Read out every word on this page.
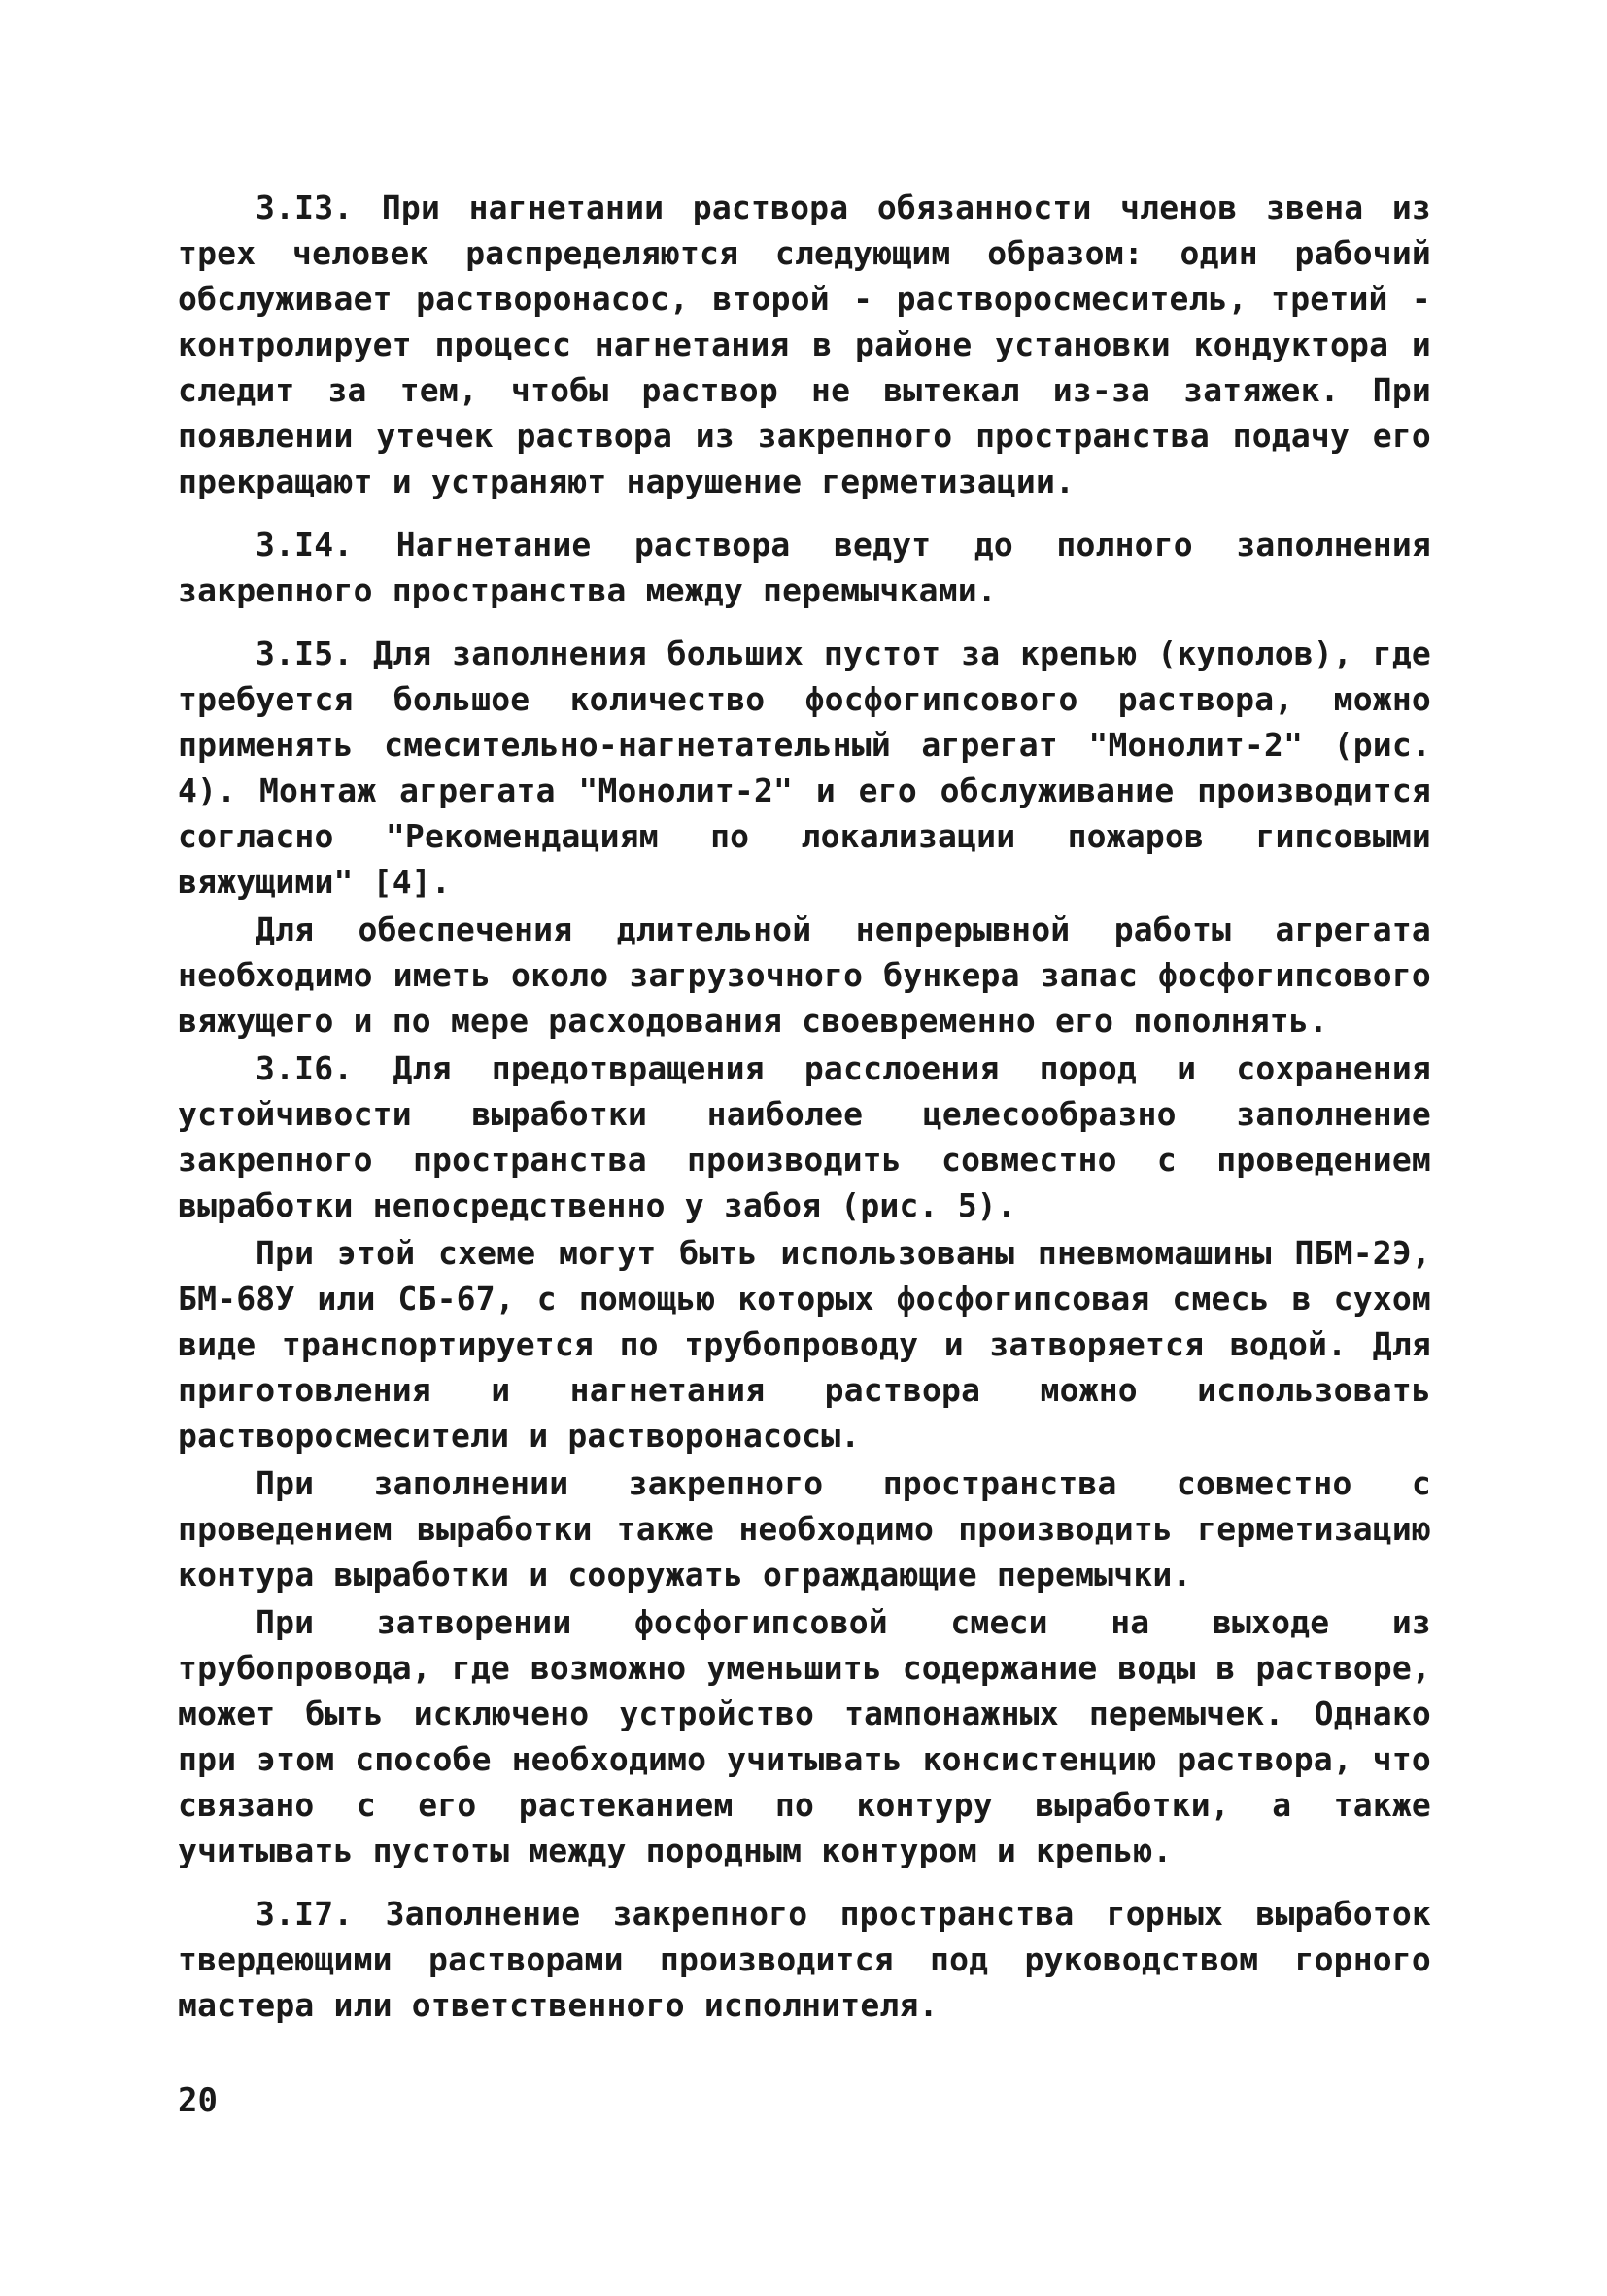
3.I3. При нагнетании раствора обязанности членов звена из трех человек распределяются следующим образом: один рабочий обслуживает растворонасос, второй - растворосмеситель, третий - контролирует процесс нагнетания в районе установки кондуктора и следит за тем, чтобы раствор не вытекал из-за затяжек. При появлении утечек раствора из закрепного пространства подачу его прекращают и устраняют нарушение герметизации.

3.I4. Нагнетание раствора ведут до полного заполнения закрепного пространства между перемычками.

3.I5. Для заполнения больших пустот за крепью (куполов), где требуется большое количество фосфогипсового раствора, можно применять смесительно-нагнетательный агрегат "Монолит-2" (рис. 4). Монтаж агрегата "Монолит-2" и его обслуживание производится согласно "Рекомендациям по локализации пожаров гипсовыми вяжущими" [4].

Для обеспечения длительной непрерывной работы агрегата необходимо иметь около загрузочного бункера запас фосфогипсового вяжущего и по мере расходования своевременно его пополнять.

3.I6. Для предотвращения расслоения пород и сохранения устойчивости выработки наиболее целесообразно заполнение закрепного пространства производить совместно с проведением выработки непосредственно у забоя (рис. 5).

При этой схеме могут быть использованы пневмомашины ПБМ-2Э, БМ-68У или СБ-67, с помощью которых фосфогипсовая смесь в сухом виде транспортируется по трубопроводу и затворяется водой. Для приготовления и нагнетания раствора можно использовать растворосмесители и растворонасосы.

При заполнении закрепного пространства совместно с проведением выработки также необходимо производить герметизацию контура выработки и сооружать ограждающие перемычки.

При затворении фосфогипсовой смеси на выходе из трубопровода, где возможно уменьшить содержание воды в растворе, может быть исключено устройство тампонажных перемычек. Однако при этом способе необходимо учитывать консистенцию раствора, что связано с его растеканием по контуру выработки, а также учитывать пустоты между породным контуром и крепью.

3.I7. Заполнение закрепного пространства горных выработок твердеющими растворами производится под руководством горного мастера или ответственного исполнителя.

20
